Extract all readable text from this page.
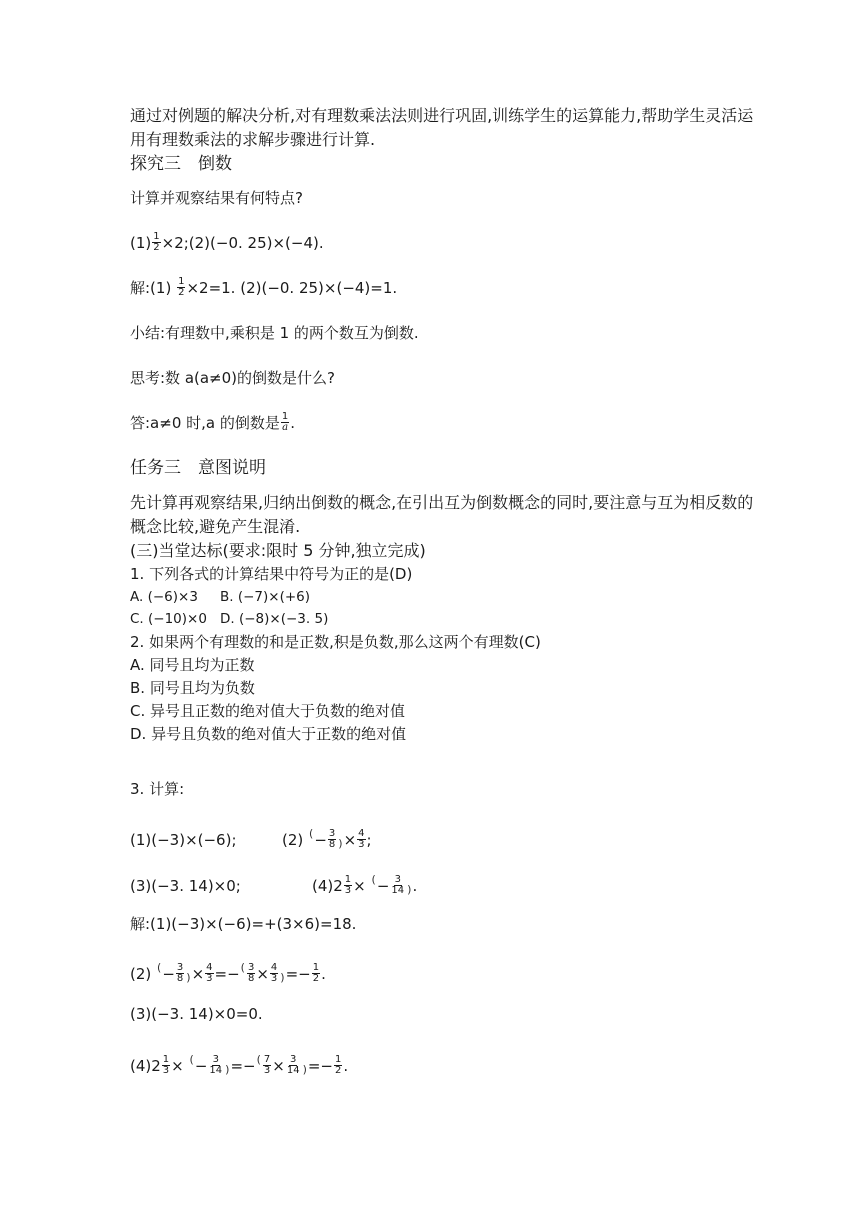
通过对例题的解决分析,对有理数乘法法则进行巩固,训练学生的运算能力,帮助学生灵活运
用有理数乘法的求解步骤进行计算.
探究三　倒数
计算并观察结果有何特点?
$(1) \frac{1}{2}$ ×2;(2)(−0. 25)×(−4).
解:(1) $\frac{1}{2} \times 2=1$. (2)(−0. 25)×(−4)=1.
小结:有理数中,乘积是 1 的两个数互为倒数.
思考:数 a(a≠0)的倒数是什么?
答:a≠0 时,a 的倒数是 $\frac{1}{a}$ .
任务三　意图说明
先计算再观察结果,归纳出倒数的概念,在引出互为倒数概念的同时,要注意与互为相反数的
概念比较,避免产生混淆.
(三)当堂达标(要求:限时 5 分钟,独立完成)
1. 下列各式的计算结果中符号为正的是(D)
A. (−6)×3 B. (−7)×(+6)
C. (−10)×0 D. (−8)×(−3. 5)
2. 如果两个有理数的和是正数,积是负数,那么这两个有理数(C)
A. 同号且均为正数
B. 同号且均为负数
C. 异号且正数的绝对值大于负数的绝对值
D. 异号且负数的绝对值大于正数的绝对值
3. 计算:
(1)(−3)×(−6);	(2) (− $\frac{3}{8}$ )× $\frac{4}{3}$ ;
(3)(−3. 14)×0;	$(4)2 \frac{1}{3}$ × (− $\frac{3}{14}$ ).
解:(1)(−3)×(−6)=+(3×6)=18.
(2) (− $\frac{3}{8}$ )× $\frac{4}{3}$ =−( $\frac{3}{8} \times \frac{4}{3}$ )=− $\frac{1}{2}$ .
(3)(−3. 14)×0=0.
$(4)2 \frac{1}{3}$ × (− $\frac{3}{14}$ )=−( $\frac{7}{3} \times \frac{3}{14}$ )=− $\frac{1}{2}$ .
